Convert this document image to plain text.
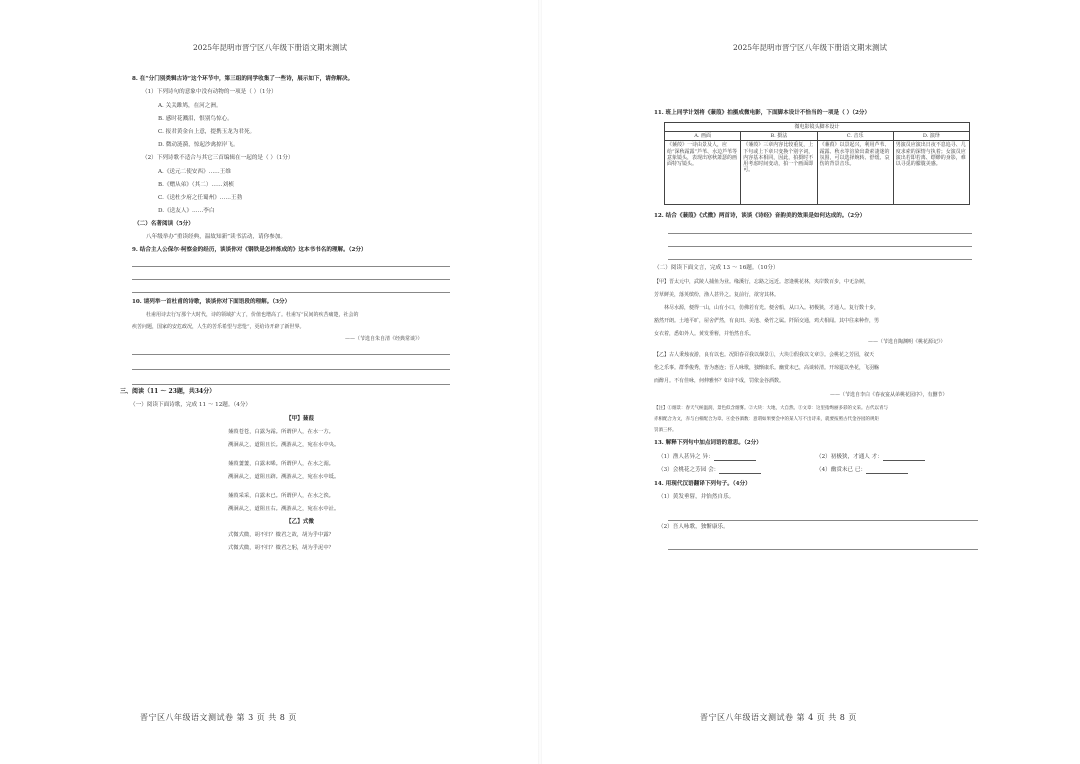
2025年昆明市晋宁区八年级下册语文期末测试
8. 在“分门别类辑古诗”这个环节中，第三组的同学收集了一些诗，展示如下，请你解决。
（1）下列诗句的意象中没有动物的一项是（ ）（1分）
A. 关关雎鸠，在河之洲。
B. 感时花溅泪，恨别鸟惊心。
C. 报君黄金台上意，提携玉龙为君死。
D. 微动涟漪，惊起沙禽掠岸飞。
（2）下列诗歌不适合与其它三首编辑在一起的是（ ）（1分）
A.《送元二使安西》……王维
B.《赠从弟》（其二）……刘桢
C.《送杜少府之任蜀州》……王勃
D.《送友人》……李白
（二）名著阅读（5分）
八年级举办“重读经典，温故知新”读书活动，请你参加。
9. 结合主人公保尔·柯察金的经历，谈谈你对《钢铁是怎样炼成的》这本书书名的理解。（2分）
10. 请列举一首杜甫的诗歌，谈谈你对下面语段的理解。（3分）
杜甫用诗去行写那个大时代，诗的领域扩大了，价值也增高了。杜甫写“民间的疾苦痛楚，社会的
疾苦问题，国家的安危政况，人生的苦乐希望与悲怆”，更给诗开辟了新世界。
——（节选自朱自清《经典常谈》）
三、阅读（11 ～ 23题，共34分）
（一）阅读下面诗歌，完成 11 ～ 12题。（4分）
【甲】蒹葭
蒹葭苍苍，白露为霜。所谓伊人，在水一方。
溯洄从之，道阻且长。溯游从之，宛在水中央。
蒹葭萋萋，白露未晞。所谓伊人，在水之湄。
溯洄从之，道阻且跻。溯游从之，宛在水中坻。
蒹葭采采，白露未已。所谓伊人，在水之涘。
溯洄从之，道阻且右。溯游从之，宛在水中沚。
【乙】式微
式微式微，胡不归？微君之故，胡为乎中露？
式微式微，胡不归？微君之躬，胡为乎泥中？
晋宁区八年级语文测试卷 第 3 页 共 8 页
2025年昆明市晋宁区八年级下册语文期末测试
11. 班上同学计划将《蒹葭》拍摄成微电影，下面脚本设计不恰当的一项是（ ）（2分）
微电影镜头脚本设计			
A. 画面	B. 摄法	C. 音乐	D. 演绎
《蒹葭》一诗由景及人，应给“深秋霜露”芦苇、水边芦苇等意象镜头，表现出寒秋萧瑟的画面特写镜头。	《蒹葭》三章内容比较重复，上下句或上下章只变换个别字词，内容基本相同，因此，拍摄时不用考虑时间变动，拍一个画面即可。	《蒹葭》以景起兴，利用芦苇、霜露、秋水等渲染出萧索凄迷的氛围，可以选择婉转、舒缓、哀伤的背景音乐。	男演员应演出日夜不息追寻、几度求索的深情与执着；女演员应演出若即若离、缥缈的身影，难以寻觅的朦胧美感。
12. 结合《蒹葭》《式微》两首诗，谈谈《诗经》音韵美的效果是如何达成的。（2分）
（二）阅读下面文言，完成 13 ～ 16题。（10分）
【甲】晋太元中，武陵人捕鱼为业。缘溪行，忘路之远近。忽逢桃花林，夹岸数百步，中无杂树，
芳草鲜美，落英缤纷，渔人甚异之。复前行，欲穷其林。
林尽水源，便得一山，山有小口，仿佛若有光。便舍船，从口入。初极狭，才通人。复行数十步，
豁然开朗。土地平旷，屋舍俨然，有良田、美池、桑竹之属。阡陌交通，鸡犬相闻。其中往来种作，男
女衣着，悉如外人。黄发垂髫，并怡然自乐。
——（节选自陶渊明《桃花源记》）
【乙】古人秉烛夜游，良有以也。况阳春召我以烟景①，大块②假我以文章③。会桃花之芳园，叙天
伦之乐事。群季俊秀，皆为惠连；吾人咏歌，独惭康乐。幽赏未已，高谈转清。开琼筵以坐花，飞羽觞
而醉月。不有佳咏，何伸雅怀？如诗不成，罚依金谷酒数。
——（节选自李白《春夜宴从弟桃花园序》，有删节）
【注】①烟景：春天气候温润，景色似含烟雾。②大块：大地，大自然。③文章：这里指绚丽多彩的文采。古代以青与
赤相配合为文，赤与白相配合为章。④金谷酒数：意谓如果要会中的某人写不出诗来，就要按照古代金谷园的规矩
罚酒三杯。
13. 解释下列句中加点词语的意思。（2分）
（1）渔人甚异之 异：	（2）初极狭，才通人 才：
（3）会桃花之芳园 会：	（4）幽赏未已 已：
14. 用现代汉语翻译下列句子。（4分）
（1）黄发垂髫，并怡然自乐。
（2）吾人咏歌，独惭康乐。
晋宁区八年级语文测试卷 第 4 页 共 8 页
